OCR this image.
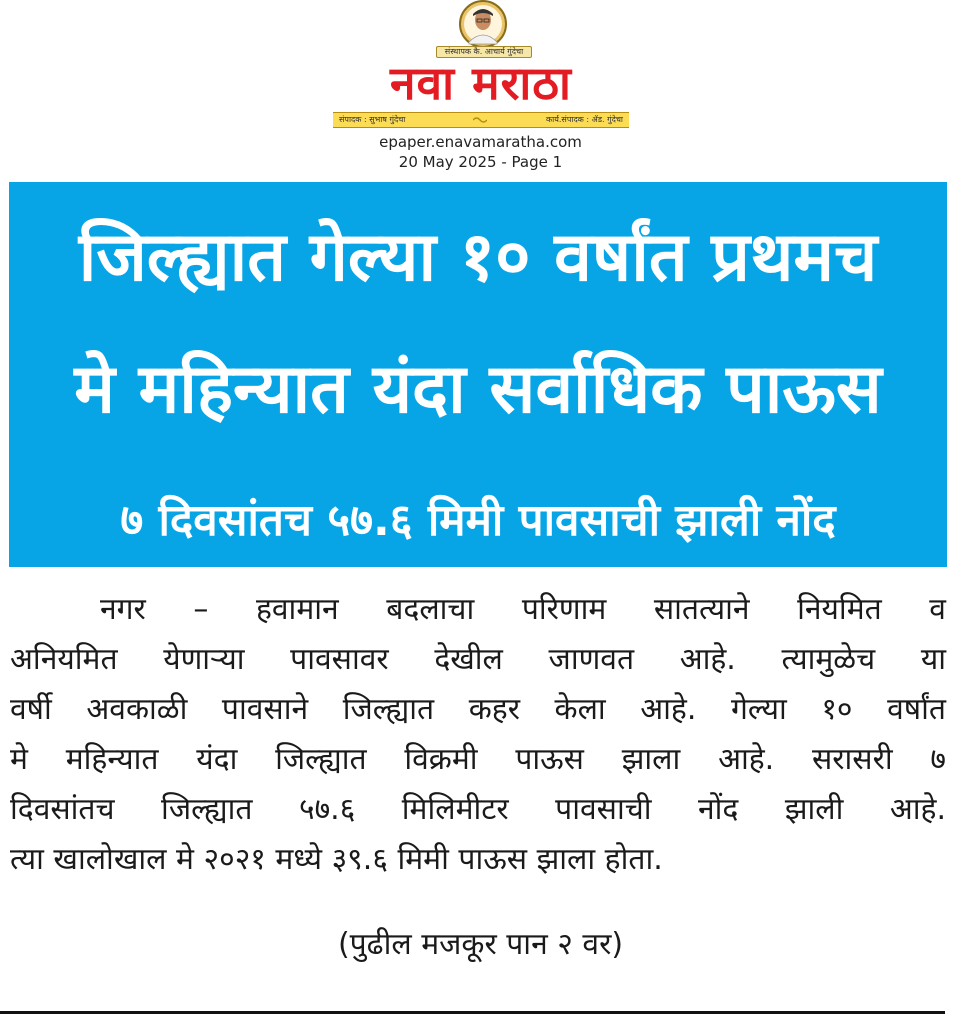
संस्थापक कै. आचार्य गुंदेचा
नवा मराठा
संपादक : सुभाष गुंदेचा	कार्य.संपादक : ॲड. गुंदेचा
epaper.enavamaratha.com
20 May 2025 - Page 1
जिल्ह्यात गेल्या १० वर्षांत प्रथमच
मे महिन्यात यंदा सर्वाधिक पाऊस
७ दिवसांतच ५७.६ मिमी पावसाची झाली नोंद
नगर – हवामान बदलाचा परिणाम सातत्याने नियमित व
अनियमित येणाऱ्या पावसावर देखील जाणवत आहे. त्यामुळेच या
वर्षी अवकाळी पावसाने जिल्ह्यात कहर केला आहे. गेल्या १० वर्षांत
मे महिन्यात यंदा जिल्ह्यात विक्रमी पाऊस झाला आहे. सरासरी ७
दिवसांतच जिल्ह्यात ५७.६ मिलिमीटर पावसाची नोंद झाली आहे.
त्या खालोखाल मे २०२१ मध्ये ३९.६ मिमी पाऊस झाला होता.
(पुढील मजकूर पान २ वर)
